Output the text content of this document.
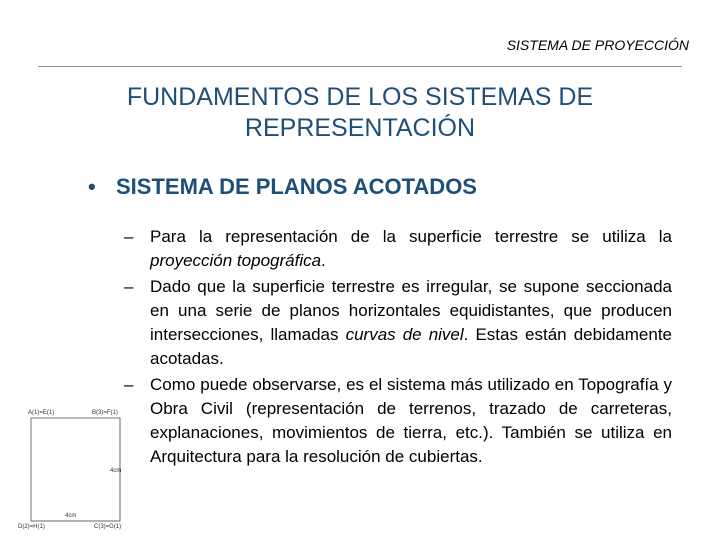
SISTEMA DE PROYECCIÓN
FUNDAMENTOS DE LOS SISTEMAS DE
REPRESENTACIÓN
• SISTEMA DE PLANOS ACOTADOS
– Para la representación de la superficie terrestre se utiliza la proyección topográfica.
– Dado que la superficie terrestre es irregular, se supone seccionada en una serie de planos horizontales equidistantes, que producen intersecciones, llamadas curvas de nivel. Estas están debidamente acotadas.
– Como puede observarse, es el sistema más utilizado en Topografía y Obra Civil (representación de terrenos, trazado de carreteras, explanaciones, movimientos de tierra, etc.). También se utiliza en Arquitectura para la resolución de cubiertas.
A(1)=E(1)	B(3)=F(1)
D(2)=H(1)	C(3)=G(1)
4cm
4cm
